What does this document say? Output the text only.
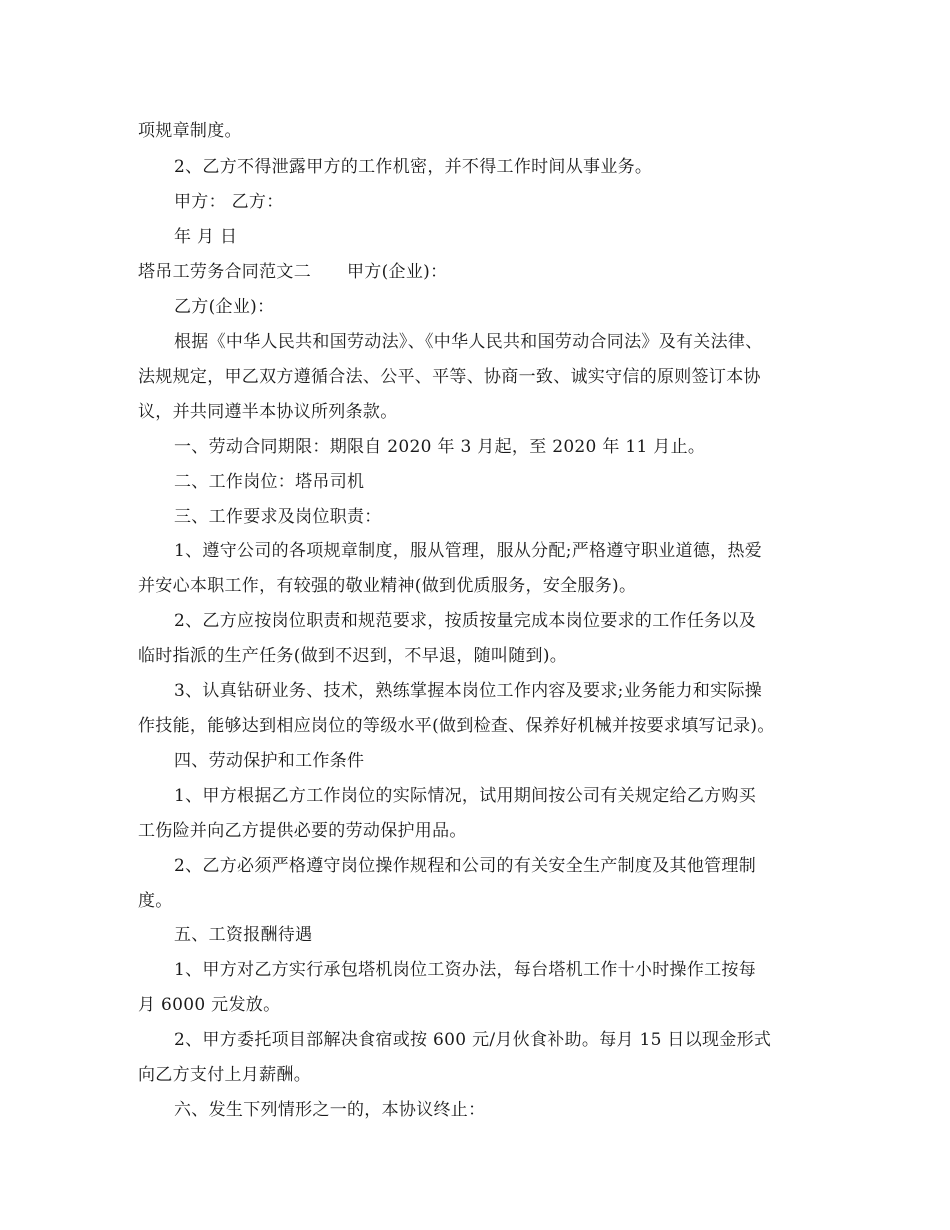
项规章制度。
2、乙方不得泄露甲方的工作机密，并不得工作时间从事业务。
甲方： 乙方：
年 月 日
塔吊工劳务合同范文二 甲方(企业)：
乙方(企业)：
根据《中华人民共和国劳动法》、《中华人民共和国劳动合同法》及有关法律、
法规规定，甲乙双方遵循合法、公平、平等、协商一致、诚实守信的原则签订本协
议，并共同遵半本协议所列条款。
一、劳动合同期限：期限自 2020 年 3 月起，至 2020 年 11 月止。
二、工作岗位：塔吊司机
三、工作要求及岗位职责：
1、遵守公司的各项规章制度，服从管理，服从分配;严格遵守职业道德，热爱
并安心本职工作，有较强的敬业精神(做到优质服务，安全服务)。
2、乙方应按岗位职责和规范要求，按质按量完成本岗位要求的工作任务以及
临时指派的生产任务(做到不迟到，不早退，随叫随到)。
3、认真钻研业务、技术，熟练掌握本岗位工作内容及要求;业务能力和实际操
作技能，能够达到相应岗位的等级水平(做到检查、保养好机械并按要求填写记录)。
四、劳动保护和工作条件
1、甲方根据乙方工作岗位的实际情况，试用期间按公司有关规定给乙方购买
工伤险并向乙方提供必要的劳动保护用品。
2、乙方必须严格遵守岗位操作规程和公司的有关安全生产制度及其他管理制
度。
五、工资报酬待遇
1、甲方对乙方实行承包塔机岗位工资办法，每台塔机工作十小时操作工按每
月 6000 元发放。
2、甲方委托项目部解决食宿或按 600 元/月伙食补助。每月 15 日以现金形式
向乙方支付上月薪酬。
六、发生下列情形之一的，本协议终止：
